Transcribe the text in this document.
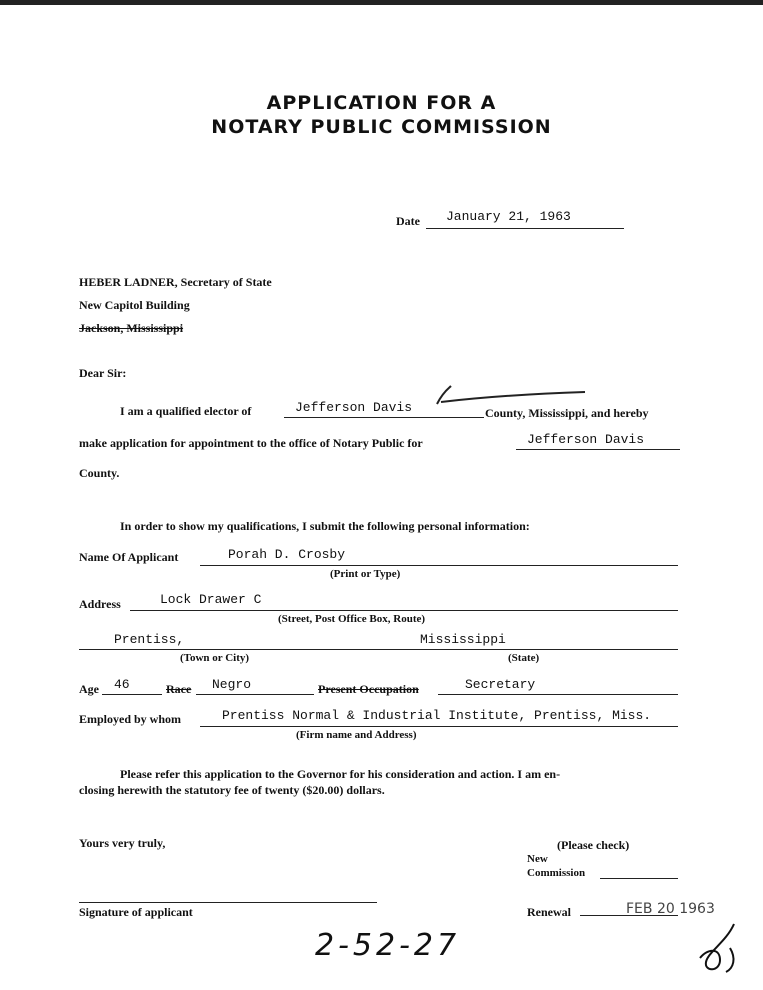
APPLICATION FOR A
NOTARY PUBLIC COMMISSION
Date January 21, 1963
HEBER LADNER, Secretary of State
New Capitol Building
Jackson, Mississippi
Dear Sir:
I am a qualified elector of	Jefferson Davis	County, Mississippi, and hereby
make application for appointment to the office of Notary Public for	Jefferson Davis
County.
In order to show my qualifications, I submit the following personal information:
Name Of Applicant	Porah D. Crosby
(Print or Type)
Address	Lock Drawer C
(Street, Post Office Box, Route)
Prentiss,	Mississippi
(Town or City)	(State)
Age 46	Race Negro	Present Occupation	Secretary
Employed by whom	Prentiss Normal & Industrial Institute, Prentiss, Miss.
(Firm name and Address)
Please refer this application to the Governor for his consideration and action. I am en-
closing herewith the statutory fee of twenty ($20.00) dollars.
Yours very truly,	(Please check)
New
Commission
Signature of applicant	Renewal	FEB 20 1963
2-52-27
